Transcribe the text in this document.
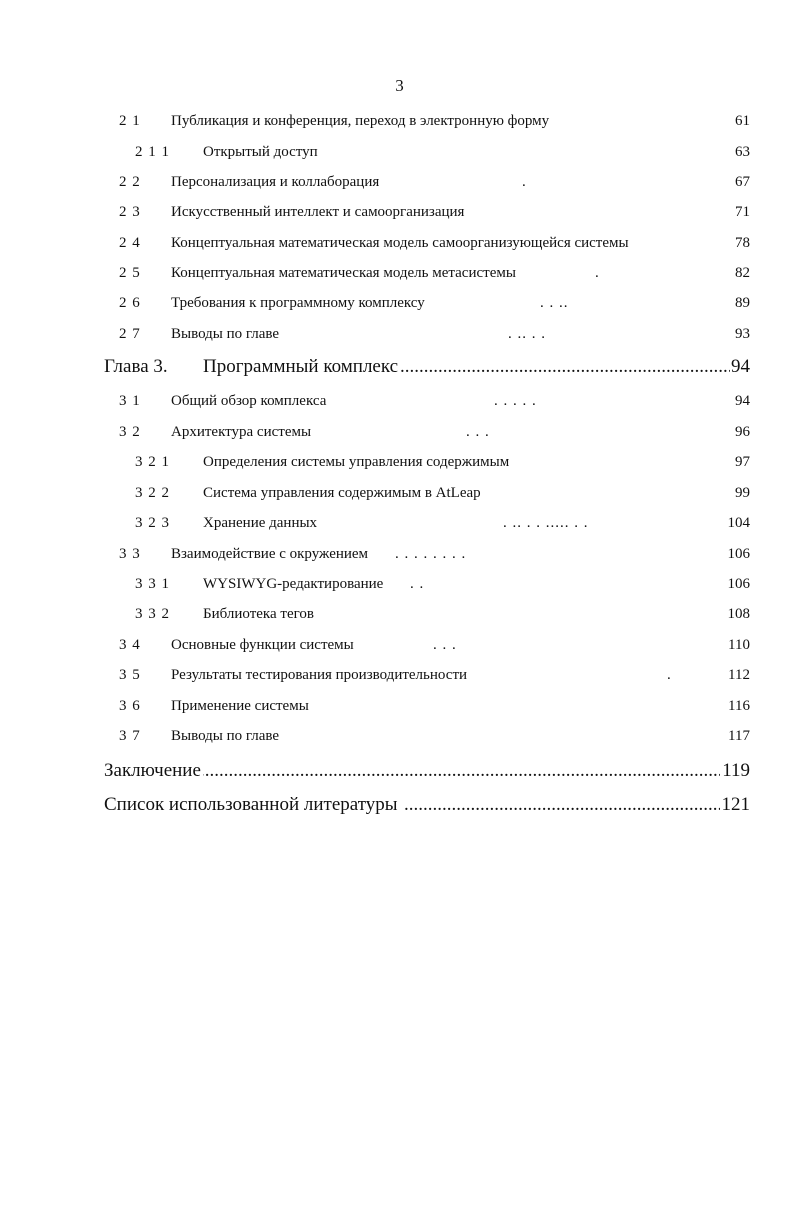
3
2 1 Публикация и конференция, переход в электронную форму	61
2 1 1 Открытый доступ	63
2 2 Персонализация и коллаборация	.	67
2 3 Искусственный интеллект и самоорганизация	71
2 4 Концептуальная математическая модель самоорганизующейся системы	78
2 5 Концептуальная математическая модель метасистемы	.	82
2 6 Требования к программному комплексу	. . ..	89
2 7 Выводы по главе	. .. . .	93
Глава 3. Программный комплекс .....	94
3 1 Общий обзор комплекса	. . . . .	94
3 2 Архитектура системы	. . .	96
3 2 1 Определения системы управления содержимым	97
3 2 2 Система управления содержимым в AtLeap	99
3 2 3 Хранение данных	. .. . . ..... . .	104
3 3 Взаимодействие с окружением . . . . . . . .	106
3 3 1 WYSIWYG-редактирование . .	106
3 3 2 Библиотека тегов	108
3 4 Основные функции системы	. . .	110
3 5 Результаты тестирования производительности	.	112
3 6 Применение системы	116
3 7 Выводы по главе	117
Заключение .....	119
Список использованной литературы .....	121
